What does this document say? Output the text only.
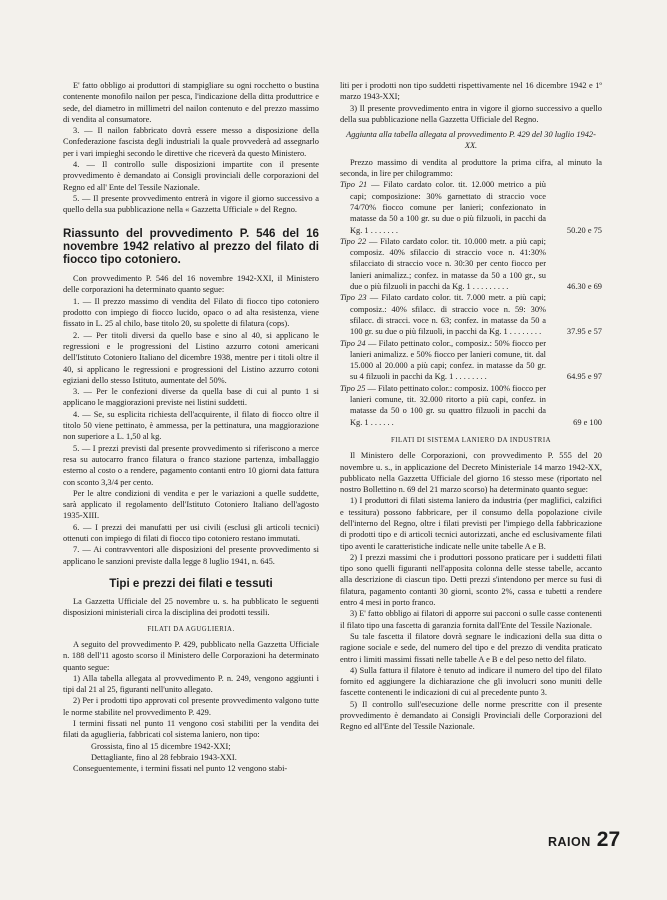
E' fatto obbligo ai produttori di stampigliare su ogni rocchetto o bustina contenente monofilo nailon per pesca, l'indicazione della ditta produttrice e sede, del diametro in millimetri del nailon contenuto e del prezzo massimo di vendita al consumatore.

3. — Il nailon fabbricato dovrà essere messo a disposizione della Confederazione fascista degli industriali la quale provvederà ad assegnarlo per i vari impieghi secondo le direttive che riceverà da questo Ministero.

4. — Il controllo sulle disposizioni impartite con il presente provvedimento è demandato ai Consigli provinciali delle corporazioni del Regno ed all' Ente del Tessile Nazionale.

5. — Il presente provvedimento entrerà in vigore il giorno successivo a quello della sua pubblicazione nella « Gazzetta Ufficiale » del Regno.

Riassunto del provvedimento P. 546 del 16 novembre 1942 relativo al prezzo del filato di fiocco tipo cotoniero.

Con provvedimento P. 546 del 16 novembre 1942-XXI, il Ministero delle corporazioni ha determinato quanto segue:

1. — Il prezzo massimo di vendita del Filato di fiocco tipo cotoniero prodotto con impiego di fiocco lucido, opaco o ad alta resistenza, viene fissato in L. 25 al chilo, base titolo 20, su spolette di filatura (cops).

2. — Per titoli diversi da quello base e sino al 40, si applicano le regressioni e le progressioni del Listino azzurro cotoni americani dell'Istituto Cotoniero Italiano del dicembre 1938, mentre per i titoli oltre il 40, si applicano le regressioni e progressioni del Listino azzurro cotoni egiziani dello stesso Istituto, aumentate del 50%.

3. — Per le confezioni diverse da quella base di cui al punto 1 si applicano le maggiorazioni previste nei listini suddetti.

4. — Se, su esplicita richiesta dell'acquirente, il filato di fiocco oltre il titolo 50 viene pettinato, è ammessa, per la pettinatura, una maggiorazione non superiore a L. 1,50 al kg.

5. — I prezzi previsti dal presente provvedimento si riferiscono a merce resa su autocarro franco filatura o franco stazione partenza, imballaggio esterno al costo o a rendere, pagamento contanti entro 10 giorni data fattura con sconto 3,3/4 per cento.

Per le altre condizioni di vendita e per le variazioni a quelle suddette, sarà applicato il regolamento dell'Istituto Cotoniero Italiano dell'agosto 1935-XIII.

6. — I prezzi dei manufatti per usi civili (esclusi gli articoli tecnici) ottenuti con impiego di filati di fiocco tipo cotoniero restano immutati.

7. — Ai contravventori alle disposizioni del presente provvedimento si applicano le sanzioni previste dalla legge 8 luglio 1941, n. 645.

Tipi e prezzi dei filati e tessuti

La Gazzetta Ufficiale del 25 novembre u. s. ha pubblicato le seguenti disposizioni ministeriali circa la disciplina dei prodotti tessili.

FILATI DA AGUGLIERIA.

A seguito del provvedimento P. 429, pubblicato nella Gazzetta Ufficiale n. 188 dell'11 agosto scorso il Ministero delle Corporazioni ha determinato quanto segue:

1) Alla tabella allegata al provvedimento P. n. 249, vengono aggiunti i tipi dal 21 al 25, figuranti nell'unito allegato.

2) Per i prodotti tipo approvati col presente provvedimento valgono tutte le norme stabilite nel provvedimento P. 429.

I termini fissati nel punto 11 vengono così stabiliti per la vendita dei filati da aguglieria, fabbricati col sistema laniero, non tipo:

Grossista, fino al 15 dicembre 1942-XXI;

Dettagliante, fino al 28 febbraio 1943-XXI.

Conseguentemente, i termini fissati nel punto 12 vengono stabi-

liti per i prodotti non tipo suddetti rispettivamente nel 16 dicembre 1942 e 1º marzo 1943-XXI;

3) Il presente provvedimento entra in vigore il giorno successivo a quello della sua pubblicazione nella Gazzetta Ufficiale del Regno.

Aggiunta alla tabella allegata al provvedimento P. 429 del 30 luglio 1942-XX.

Prezzo massimo di vendita al produttore la prima cifra, al minuto la seconda, in lire per chilogrammo:

Tipo 21 — Filato cardato color. tit. 12.000 metrico a più capi; composizione: 30% garnettato di straccio voce 74/70% fiocco comune per lanieri; confezionato in matasse da 50 a 100 gr. su due o più filzuoli, in pacchi da Kg. 1 . . . . . . .	50.20 e 75
Tipo 22 — Filato cardato color. tit. 10.000 metr. a più capi; composiz. 40% sfilaccio di straccio voce n. 41:30% sfilacciato di straccio voce n. 30:30 per cento fiocco per lanieri animalizz.; confez. in matasse da 50 a 100 gr., su due o più filzuoli in pacchi da Kg. 1 . . . . . . . . .	46.30 e 69
Tipo 23 — Filato cardato color. tit. 7.000 metr. a più capi; composiz.: 40% sfilacc. di straccio voce n. 59: 30% sfilacc. di stracci. voce n. 63; confez. in matasse da 50 a 100 gr. su due o più filzuoli, in pacchi da Kg. 1 . . . . . . . .	37.95 e 57
Tipo 24 — Filato pettinato color., composiz.: 50% fiocco per lanieri animalizz. e 50% fiocco per lanieri comune, tit. dal 15.000 al 20.000 a più capi; confez. in matasse da 50 gr. su 4 filzuoli in pacchi da Kg. 1 . . . . . . . .	64.95 e 97
Tipo 25 — Filato pettinato color.: composiz. 100% fiocco per lanieri comune, tit. 32.000 ritorto a più capi, confez. in matasse da 50 o 100 gr. su quattro filzuoli in pacchi da Kg. 1 . . . . . .	69 e 100
FILATI DI SISTEMA LANIERO DA INDUSTRIA

Il Ministero delle Corporazioni, con provvedimento P. 555 del 20 novembre u. s., in applicazione del Decreto Ministeriale 14 marzo 1942-XX, pubblicato nella Gazzetta Ufficiale del giorno 16 stesso mese (riportato nel nostro Bollettino n. 69 del 21 marzo scorso) ha determinato quanto segue:

1) I produttori di filati sistema laniero da industria (per maglifici, calzifici e tessitura) possono fabbricare, per il consumo della popolazione civile dell'interno del Regno, oltre i filati previsti per l'impiego della fabbricazione di prodotti tipo e di articoli tecnici autorizzati, anche ed esclusivamente filati tipo aventi le caratteristiche indicate nelle unite tabelle A e B.

2) I prezzi massimi che i produttori possono praticare per i suddetti filati tipo sono quelli figuranti nell'apposita colonna delle stesse tabelle, accanto alla descrizione di ciascun tipo. Detti prezzi s'intendono per merce su fusi di filatura, pagamento contanti 30 giorni, sconto 2%, cassa e tubetti a rendere entro 4 mesi in porto franco.

3) E' fatto obbligo ai filatori di apporre sui pacconi o sulle casse contenenti il filato tipo una fascetta di garanzia fornita dall'Ente del Tessile Nazionale.

Su tale fascetta il filatore dovrà segnare le indicazioni della sua ditta o ragione sociale e sede, del numero del tipo e del prezzo di vendita praticato entro i limiti massimi fissati nelle tabelle A e B e del peso netto del filato.

4) Sulla fattura il filatore è tenuto ad indicare il numero del tipo del filato fornito ed aggiungere la dichiarazione che gli involucri sono muniti delle fascette contenenti le indicazioni di cui al precedente punto 3.

5) Il controllo sull'esecuzione delle norme prescritte con il presente provvedimento è demandato ai Consigli Provinciali delle Corporazioni del Regno ed all'Ente del Tessile Nazionale.

RAION 27
